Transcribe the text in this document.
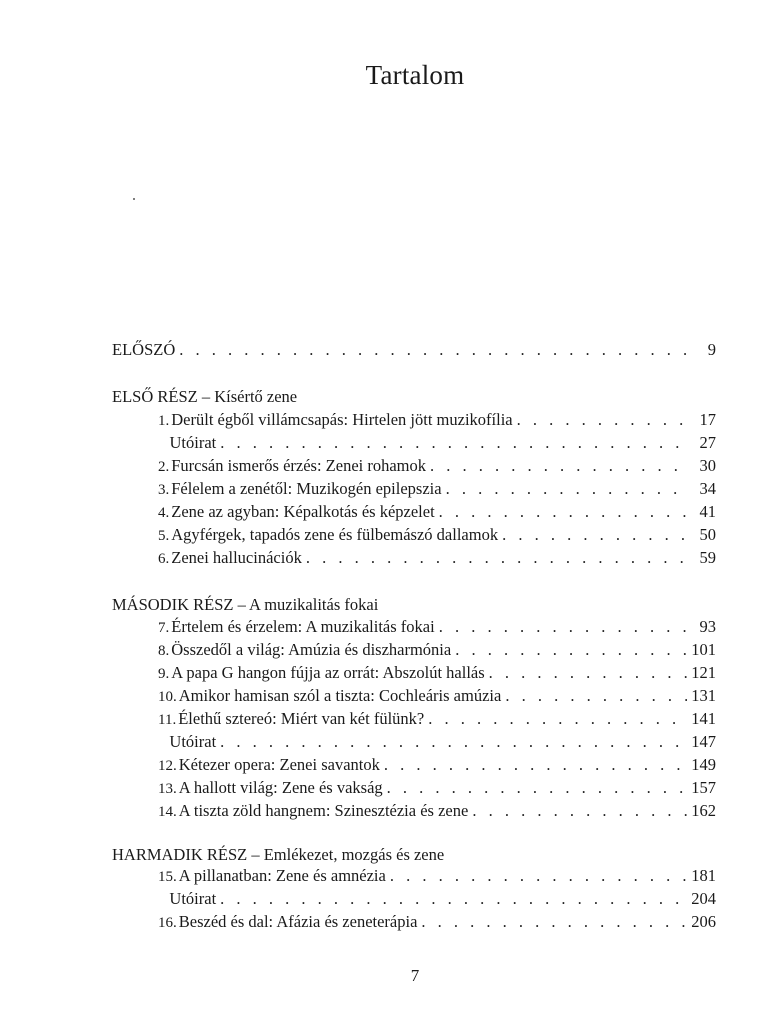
Tartalom
ELŐSZÓ . . .	9
ELSŐ RÉSZ – Kísértő zene
1. Derült égből villámcsapás: Hirtelen jött muzikofília . . .	17
Utóirat . . .	27
2. Furcsán ismerős érzés: Zenei rohamok . . .	30
3. Félelem a zenétől: Muzikogén epilepszia . . .	34
4. Zene az agyban: Képalkotás és képzelet . . .	41
5. Agyférgek, tapadós zene és fülbemászó dallamok . . .	50
6. Zenei hallucinációk . . .	59
MÁSODIK RÉSZ – A muzikalitás fokai
7. Értelem és érzelem: A muzikalitás fokai . . .	93
8. Összedől a világ: Amúzia és diszharmónia . . .	101
9. A papa G hangon fújja az orrát: Abszolút hallás . . .	121
10. Amikor hamisan szól a tiszta: Cochleáris amúzia . . .	131
11. Élethű sztereó: Miért van két fülünk? . . .	141
Utóirat . . .	147
12. Kétezer opera: Zenei savantok . . .	149
13. A hallott világ: Zene és vakság . . .	157
14. A tiszta zöld hangnem: Szinesztézia és zene . . .	162
HARMADIK RÉSZ – Emlékezet, mozgás és zene
15. A pillanatban: Zene és amnézia . . .	181
Utóirat . . .	204
16. Beszéd és dal: Afázia és zeneterápia . . .	206
7
